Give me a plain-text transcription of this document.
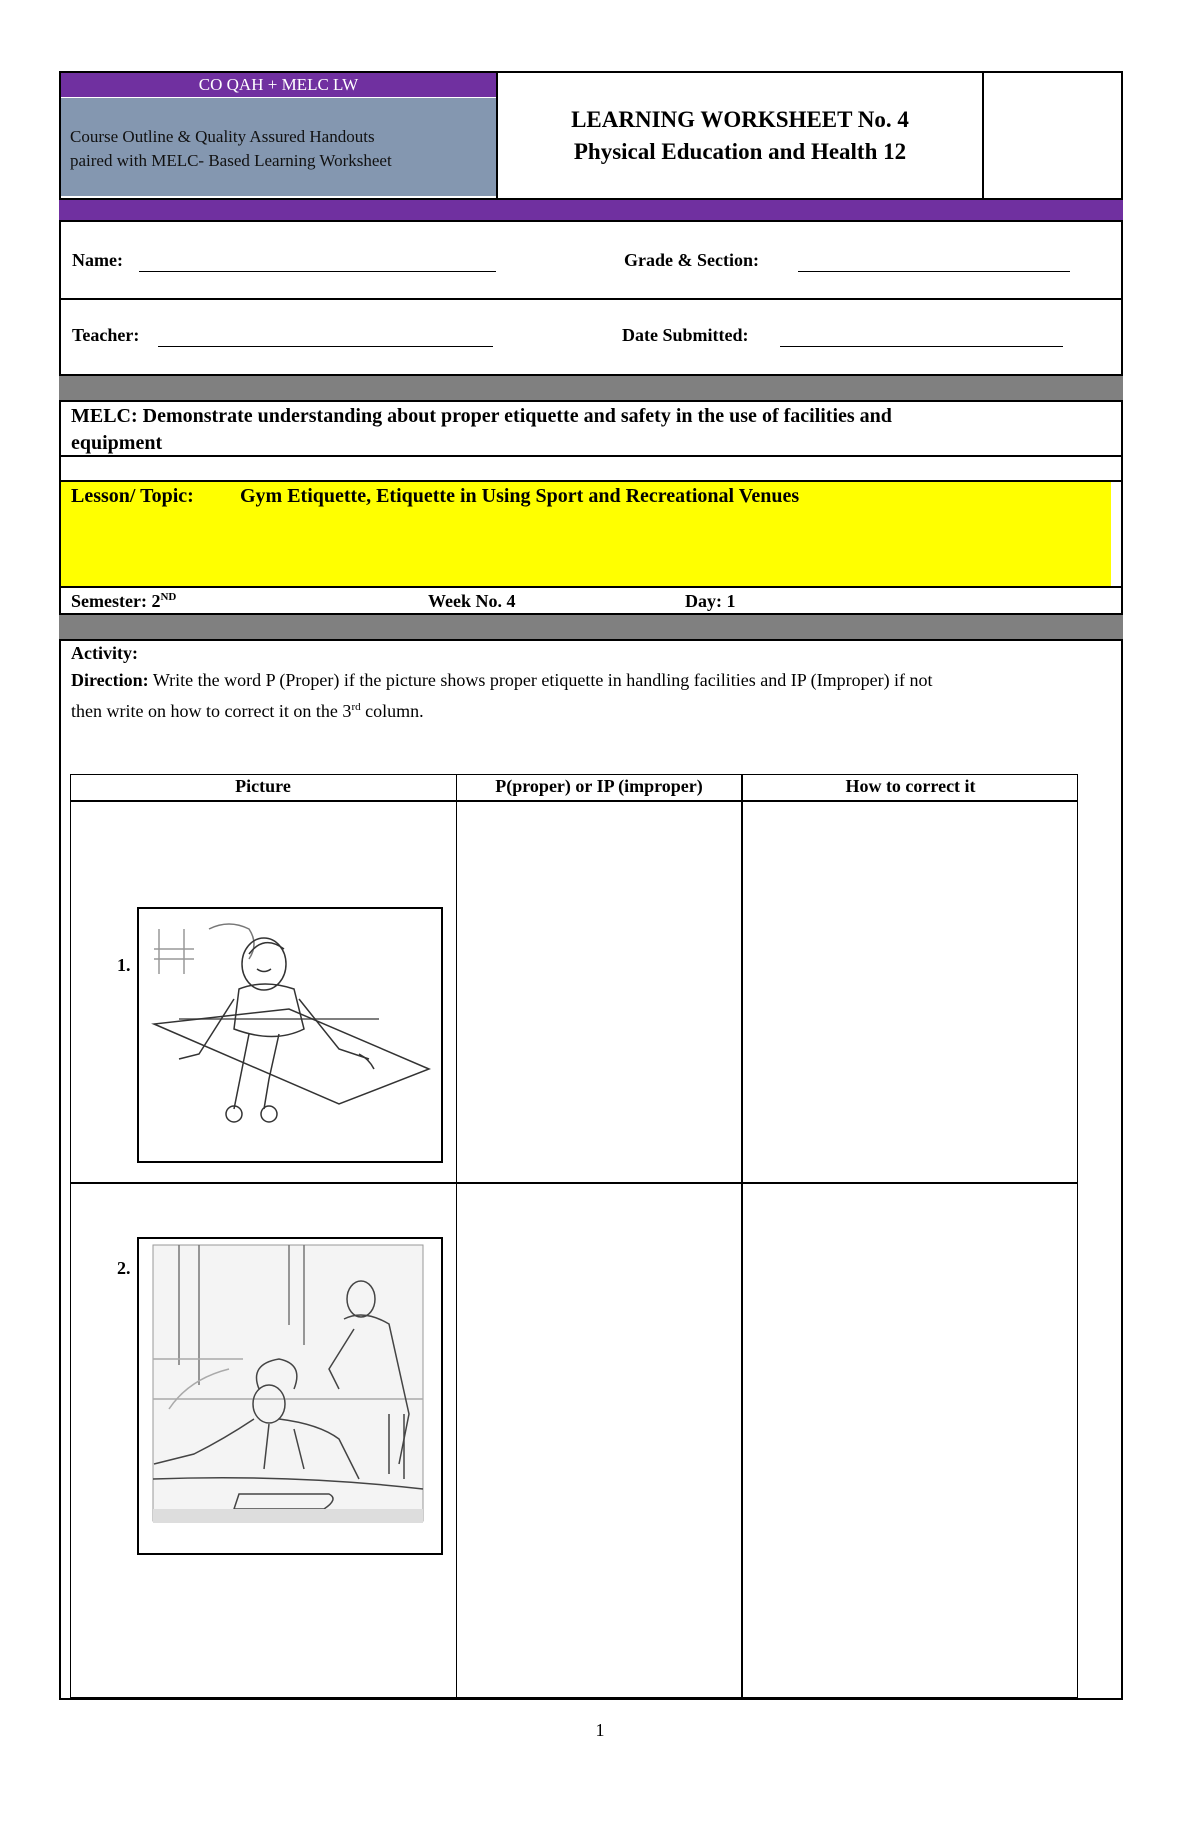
CO QAH + MELC LW
Course Outline & Quality Assured Handouts
paired with MELC- Based Learning Worksheet
LEARNING WORKSHEET No. 4
Physical Education and Health 12
Name:	Grade & Section:
Teacher:	Date Submitted:
MELC: Demonstrate understanding about proper etiquette and safety in the use of facilities and
equipment
Lesson/ Topic: Gym Etiquette, Etiquette in Using Sport and Recreational Venues
Semester: 2ND	Week No. 4	Day: 1
Activity:
Direction: Write the word P (Proper) if the picture shows proper etiquette in handling facilities and IP (Improper) if not
then write on how to correct it on the 3rd column.
Picture	P(proper) or IP (improper)	How to correct it
1.
2.
1
